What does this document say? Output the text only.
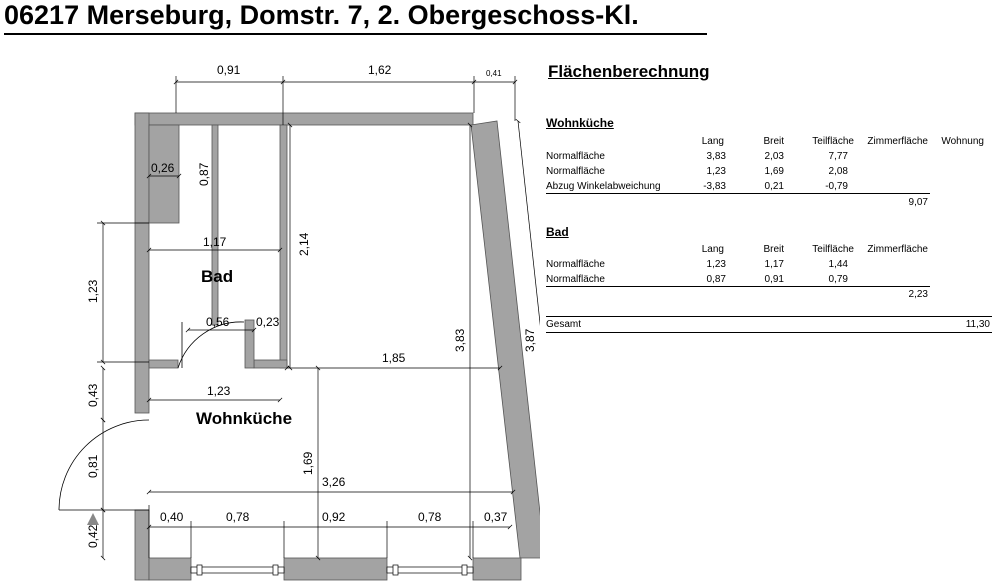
06217 Merseburg, Domstr. 7, 2. Obergeschoss-Kl.
Bad
Wohnküche
0,91	1,62	0,41
0,26 0,87
1,17	2,14
1,23
0,56 0,23
1,85
3,83	3,87
0,43	1,23
0,81	1,69
3,26
0,42
0,40	0,78	0,92	0,78	0,37
Flächenberechnung
Wohnküche
Lang	Breit	Teilfläche	Zimmerfläche	Wohnung
Normalfläche	3,83	2,03	7,77
Normalfläche	1,23	1,69	2,08
Abzug Winkelabweichung	-3,83	0,21	-0,79
9,07
Bad
Lang	Breit	Teilfläche	Zimmerfläche
Normalfläche	1,23	1,17	1,44
Normalfläche	0,87	0,91	0,79
2,23
Gesamt	11,30
